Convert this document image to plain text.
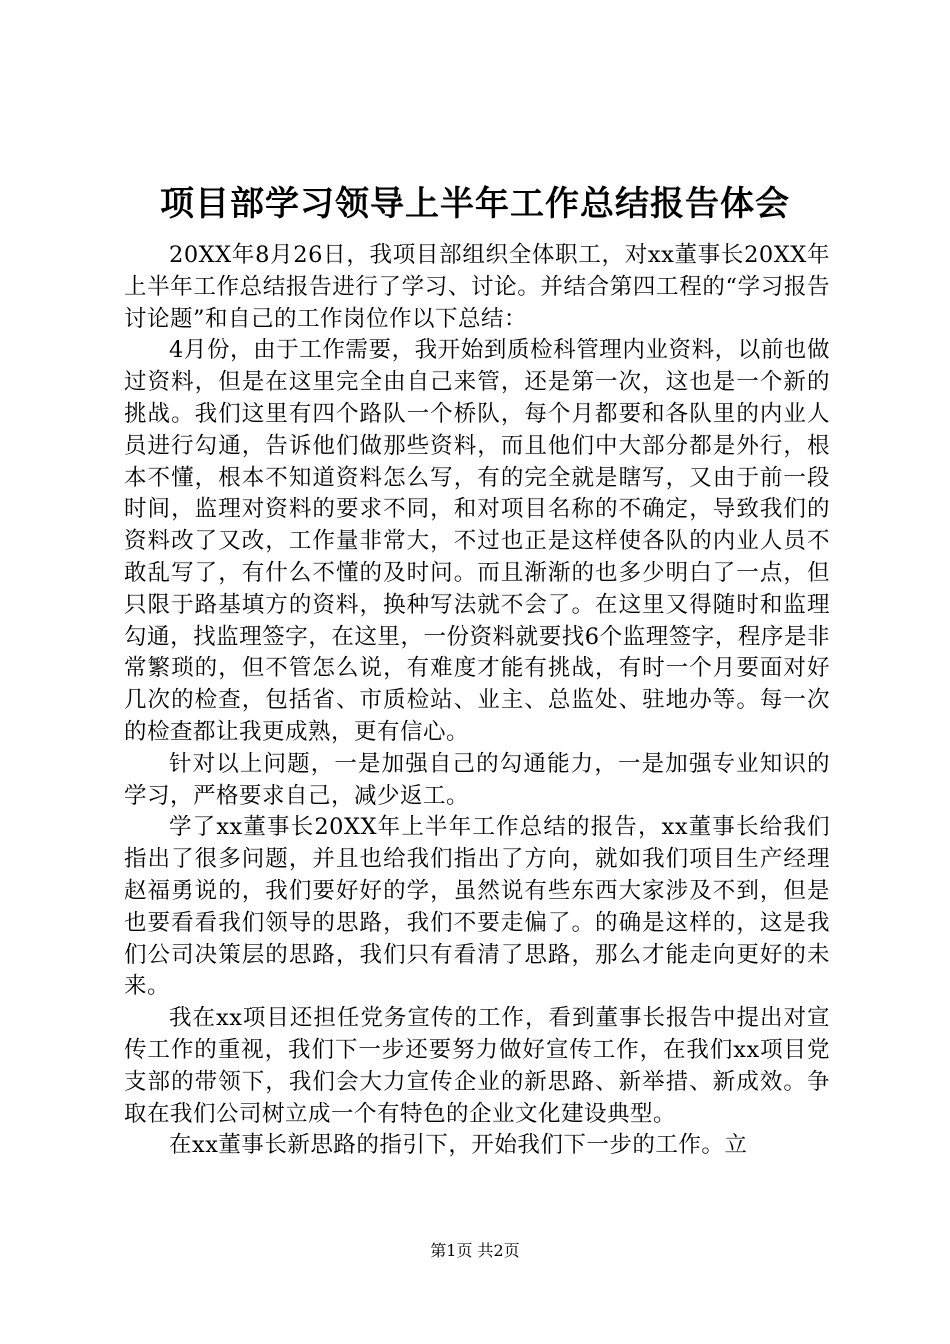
项目部学习领导上半年工作总结报告体会

20XX年8月26日，我项目部组织全体职工，对xx董事长20XX年上半年工作总结报告进行了学习、讨论。并结合第四工程的“学习报告讨论题”和自己的工作岗位作以下总结：

4月份，由于工作需要，我开始到质检科管理内业资料，以前也做过资料，但是在这里完全由自己来管，还是第一次，这也是一个新的挑战。我们这里有四个路队一个桥队，每个月都要和各队里的内业人员进行勾通，告诉他们做那些资料，而且他们中大部分都是外行，根本不懂，根本不知道资料怎么写，有的完全就是瞎写，又由于前一段时间，监理对资料的要求不同，和对项目名称的不确定，导致我们的资料改了又改，工作量非常大，不过也正是这样使各队的内业人员不敢乱写了，有什么不懂的及时问。而且渐渐的也多少明白了一点，但只限于路基填方的资料，换种写法就不会了。在这里又得随时和监理勾通，找监理签字，在这里，一份资料就要找6个监理签字，程序是非常繁琐的，但不管怎么说，有难度才能有挑战，有时一个月要面对好几次的检查，包括省、市质检站、业主、总监处、驻地办等。每一次的检查都让我更成熟，更有信心。

针对以上问题，一是加强自己的勾通能力，一是加强专业知识的学习，严格要求自己，减少返工。

学了xx董事长20XX年上半年工作总结的报告，xx董事长给我们指出了很多问题，并且也给我们指出了方向，就如我们项目生产经理赵福勇说的，我们要好好的学，虽然说有些东西大家涉及不到，但是也要看看我们领导的思路，我们不要走偏了。的确是这样的，这是我们公司决策层的思路，我们只有看清了思路，那么才能走向更好的未来。

我在xx项目还担任党务宣传的工作，看到董事长报告中提出对宣传工作的重视，我们下一步还要努力做好宣传工作，在我们xx项目党支部的带领下，我们会大力宣传企业的新思路、新举措、新成效。争取在我们公司树立成一个有特色的企业文化建设典型。

在xx董事长新思路的指引下，开始我们下一步的工作。立

第1页 共2页
